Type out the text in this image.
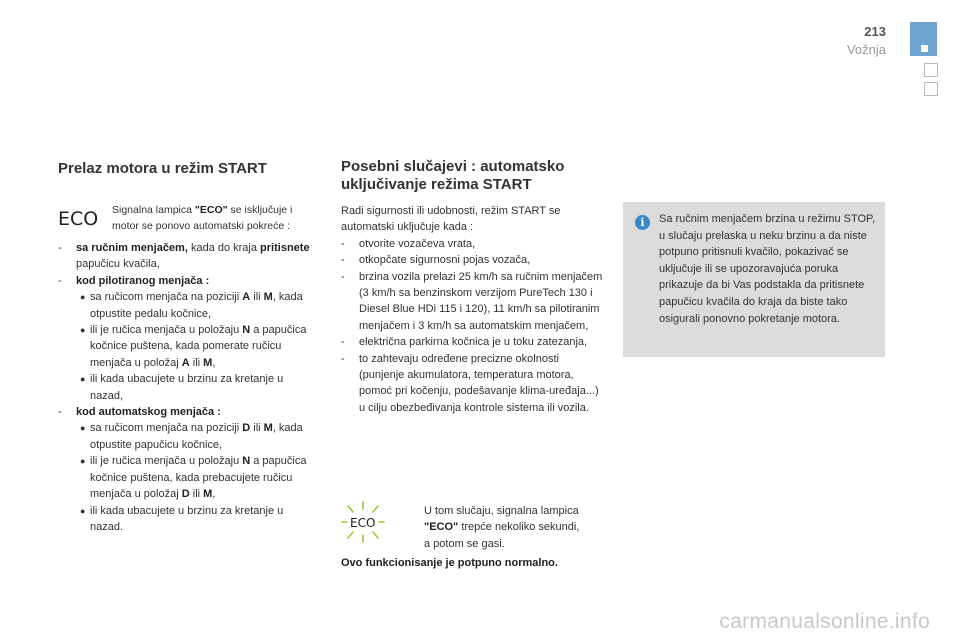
213
Vožnja
Prelaz motora u režim START
ECO Signalna lampica "ECO" se isključuje i motor se ponovo automatski pokreće :
- sa ručnim menjačem, kada do kraja pritisnete papučicu kvačila,
- kod pilotiranog menjača :
● sa ručicom menjača na poziciji A ili M, kada otpustite pedalu kočnice,
● ili je ručica menjača u položaju N a papučica kočnice puštena, kada pomerate ručicu menjača u položaj A ili M,
● ili kada ubacujete u brzinu za kretanje u nazad,
- kod automatskog menjača :
● sa ručicom menjača na poziciji D ili M, kada otpustite papučicu kočnice,
● ili je ručica menjača u položaju N a papučica kočnice puštena, kada prebacujete ručicu menjača u položaj D ili M,
● ili kada ubacujete u brzinu za kretanje u nazad.
Posebni slučajevi : automatsko
uključivanje režima START
Radi sigurnosti ili udobnosti, režim START se automatski uključuje kada :
- otvorite vozačeva vrata,
- otkopčate sigurnosni pojas vozača,
- brzina vozila prelazi 25 km/h sa ručnim menjačem (3 km/h sa benzinskom verzijom PureTech 130 i Diesel Blue HDi 115 i 120), 11 km/h sa pilotiranim menjačem i 3 km/h sa automatskim menjačem,
- električna parkirna kočnica je u toku zatezanja,
- to zahtevaju određene precizne okolnosti (punjenje akumulatora, temperatura motora, pomoć pri kočenju, podešavanje klima-uređaja...) u cilju obezbeđivanja kontrole sistema ili vozila.
ECO
U tom slučaju, signalna lampica "ECO" trepće nekoliko sekundi, a potom se gasi.
Ovo funkcionisanje je potpuno normalno.
i	Sa ručnim menjačem brzina u režimu STOP, u slučaju prelaska u neku brzinu a da niste potpuno pritisnuli kvačilo, pokazivač se uključuje ili se upozoravajuća poruka prikazuje da bi Vas podstakla da pritisnete papučicu kvačila do kraja da biste tako osigurali ponovno pokretanje motora.
carmanualsonline.info
